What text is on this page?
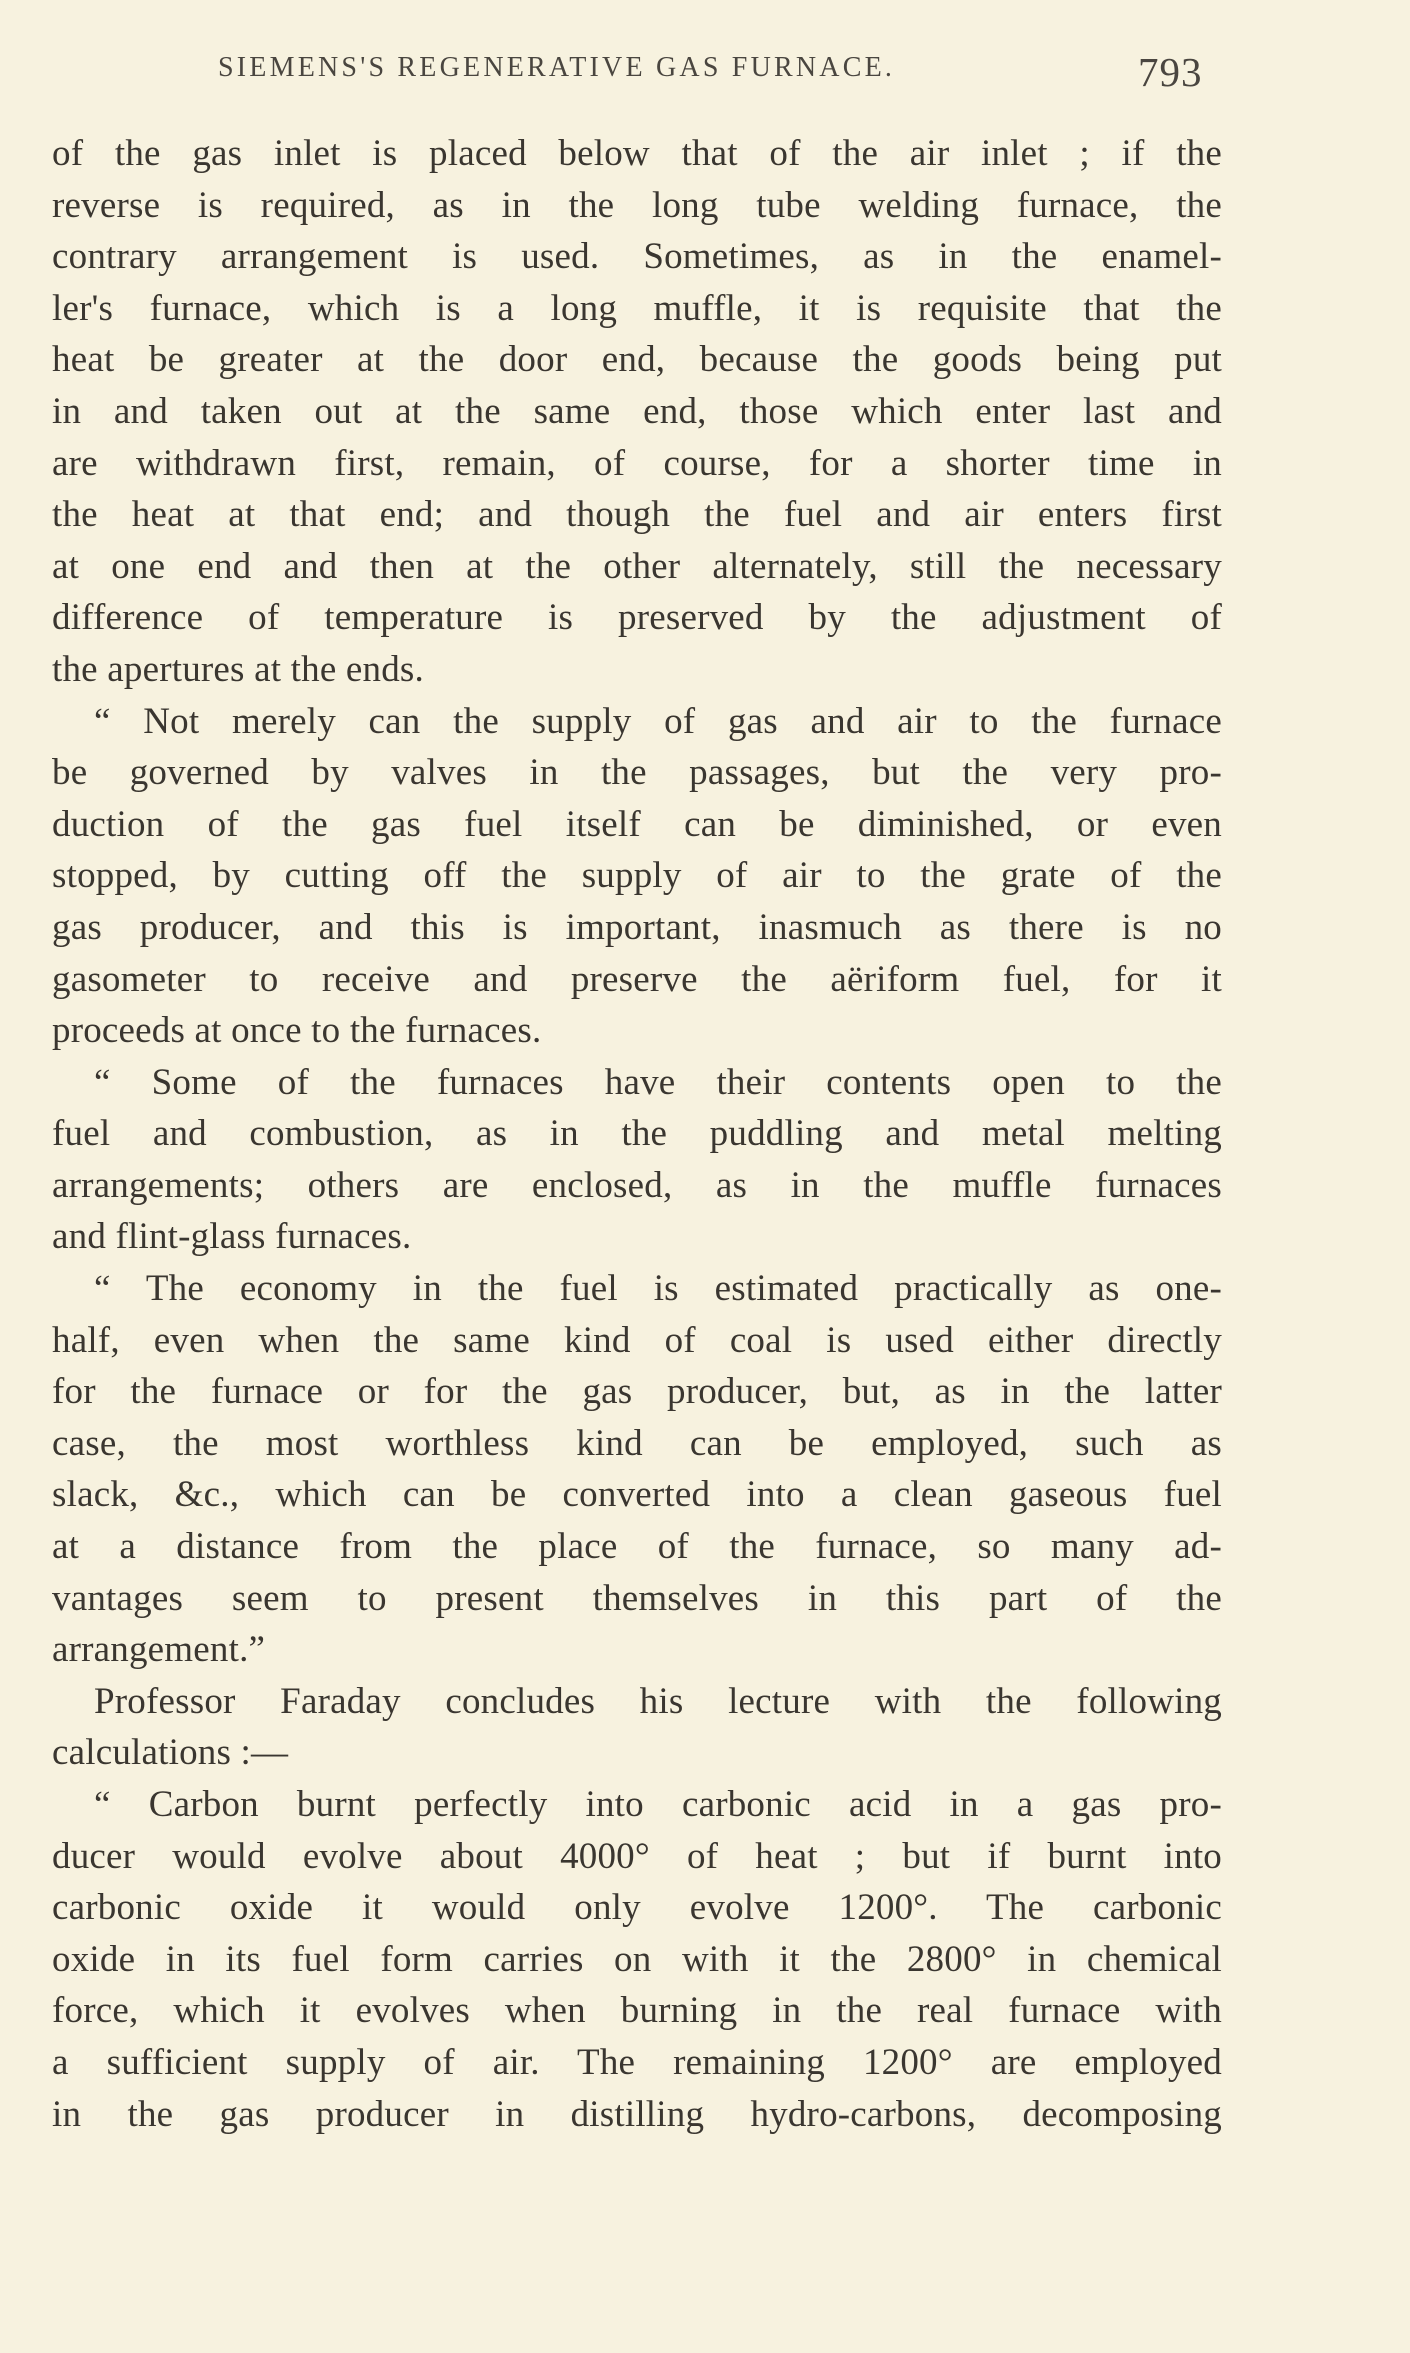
SIEMENS'S REGENERATIVE GAS FURNACE.	793
of the gas inlet is placed below that of the air inlet ; if the
reverse is required, as in the long tube welding furnace, the
contrary arrangement is used. Sometimes, as in the enamel-
ler's furnace, which is a long muffle, it is requisite that the
heat be greater at the door end, because the goods being put
in and taken out at the same end, those which enter last and
are withdrawn first, remain, of course, for a shorter time in
the heat at that end; and though the fuel and air enters first
at one end and then at the other alternately, still the necessary
difference of temperature is preserved by the adjustment of
the apertures at the ends.
“ Not merely can the supply of gas and air to the furnace
be governed by valves in the passages, but the very pro-
duction of the gas fuel itself can be diminished, or even
stopped, by cutting off the supply of air to the grate of the
gas producer, and this is important, inasmuch as there is no
gasometer to receive and preserve the aëriform fuel, for it
proceeds at once to the furnaces.
“ Some of the furnaces have their contents open to the
fuel and combustion, as in the puddling and metal melting
arrangements; others are enclosed, as in the muffle furnaces
and flint-glass furnaces.
“ The economy in the fuel is estimated practically as one-
half, even when the same kind of coal is used either directly
for the furnace or for the gas producer, but, as in the latter
case, the most worthless kind can be employed, such as
slack, &c., which can be converted into a clean gaseous fuel
at a distance from the place of the furnace, so many ad-
vantages seem to present themselves in this part of the
arrangement.”
Professor Faraday concludes his lecture with the following
calculations :—
“ Carbon burnt perfectly into carbonic acid in a gas pro-
ducer would evolve about 4000° of heat ; but if burnt into
carbonic oxide it would only evolve 1200°. The carbonic
oxide in its fuel form carries on with it the 2800° in chemical
force, which it evolves when burning in the real furnace with
a sufficient supply of air. The remaining 1200° are employed
in the gas producer in distilling hydro-carbons, decomposing
